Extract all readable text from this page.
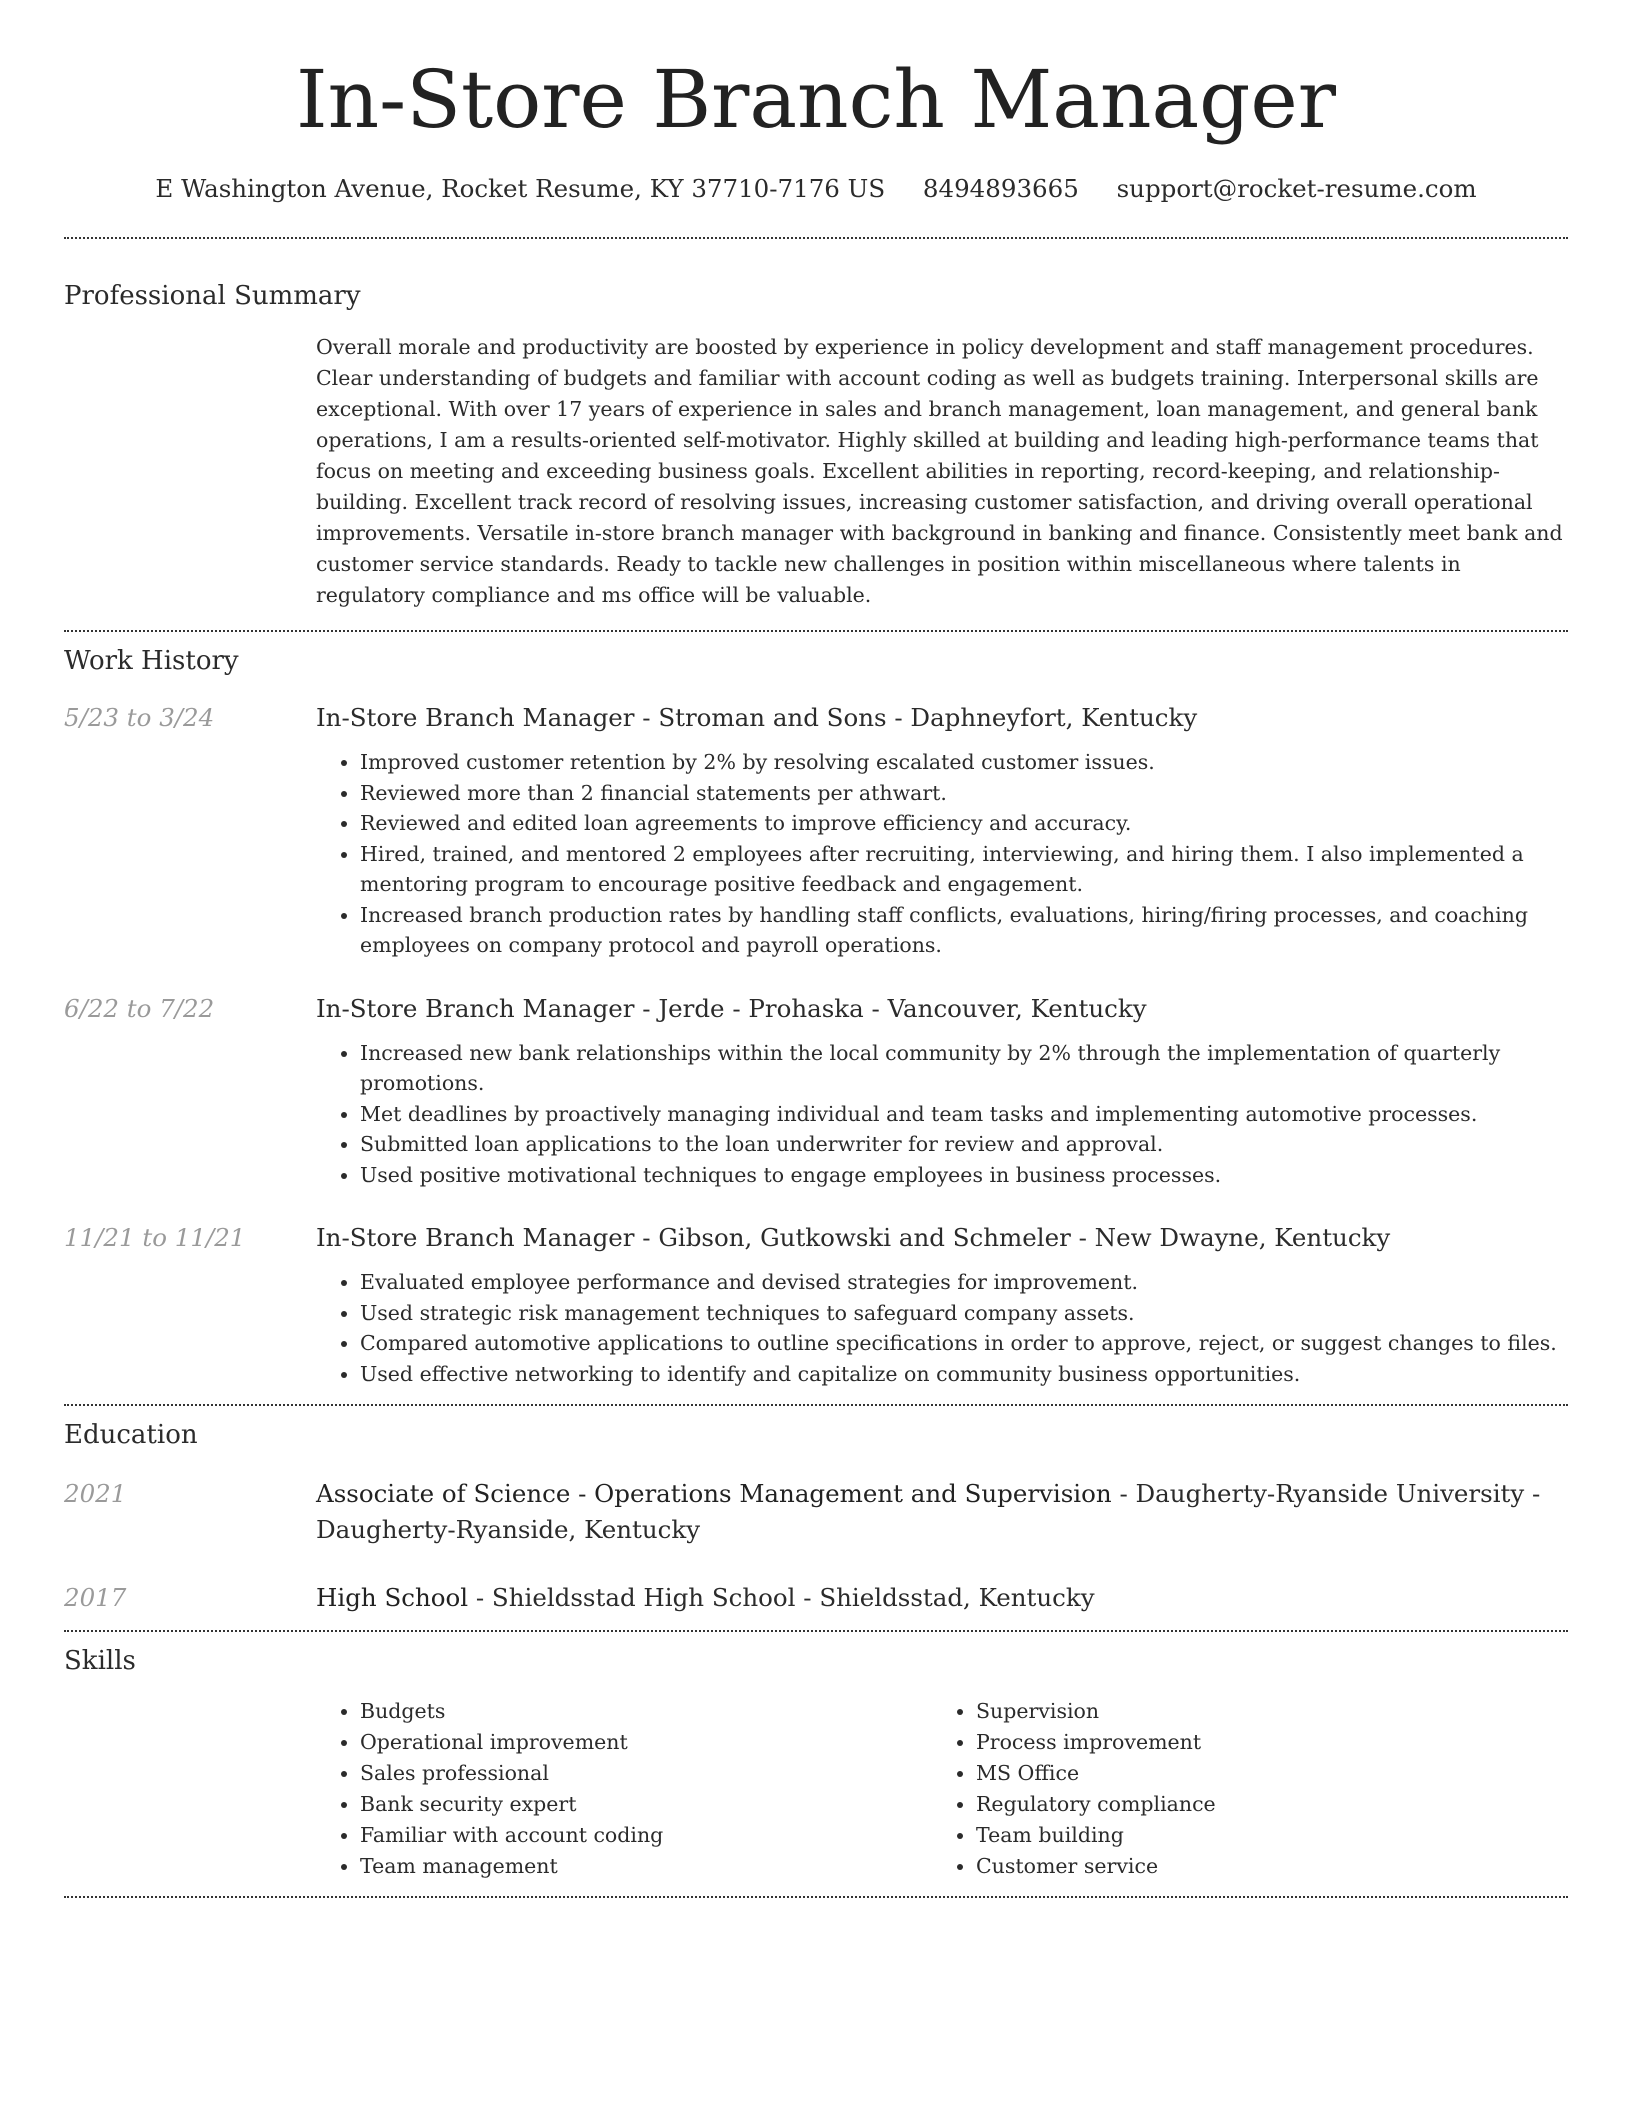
In-Store Branch Manager
E Washington Avenue, Rocket Resume, KY 37710-7176 US 8494893665 support@rocket-resume.com
Professional Summary
Overall morale and productivity are boosted by experience in policy development and staff management procedures. Clear understanding of budgets and familiar with account coding as well as budgets training. Interpersonal skills are exceptional. With over 17 years of experience in sales and branch management, loan management, and general bank operations, I am a results-oriented self-motivator. Highly skilled at building and leading high-performance teams that focus on meeting and exceeding business goals. Excellent abilities in reporting, record-keeping, and relationship-building. Excellent track record of resolving issues, increasing customer satisfaction, and driving overall operational improvements. Versatile in-store branch manager with background in banking and finance. Consistently meet bank and customer service standards. Ready to tackle new challenges in position within miscellaneous where talents in regulatory compliance and ms office will be valuable.
Work History
5/23 to 3/24	In-Store Branch Manager - Stroman and Sons - Daphneyfort, Kentucky
• Improved customer retention by 2% by resolving escalated customer issues.
• Reviewed more than 2 financial statements per athwart.
• Reviewed and edited loan agreements to improve efficiency and accuracy.
• Hired, trained, and mentored 2 employees after recruiting, interviewing, and hiring them. I also implemented a mentoring program to encourage positive feedback and engagement.
• Increased branch production rates by handling staff conflicts, evaluations, hiring/firing processes, and coaching employees on company protocol and payroll operations.
6/22 to 7/22	In-Store Branch Manager - Jerde - Prohaska - Vancouver, Kentucky
• Increased new bank relationships within the local community by 2% through the implementation of quarterly promotions.
• Met deadlines by proactively managing individual and team tasks and implementing automotive processes.
• Submitted loan applications to the loan underwriter for review and approval.
• Used positive motivational techniques to engage employees in business processes.
11/21 to 11/21	In-Store Branch Manager - Gibson, Gutkowski and Schmeler - New Dwayne, Kentucky
• Evaluated employee performance and devised strategies for improvement.
• Used strategic risk management techniques to safeguard company assets.
• Compared automotive applications to outline specifications in order to approve, reject, or suggest changes to files.
• Used effective networking to identify and capitalize on community business opportunities.
Education
2021	Associate of Science - Operations Management and Supervision - Daugherty-Ryanside University - Daugherty-Ryanside, Kentucky
2017	High School - Shieldsstad High School - Shieldsstad, Kentucky
Skills
• Budgets
• Operational improvement
• Sales professional
• Bank security expert
• Familiar with account coding
• Team management
• Supervision
• Process improvement
• MS Office
• Regulatory compliance
• Team building
• Customer service
